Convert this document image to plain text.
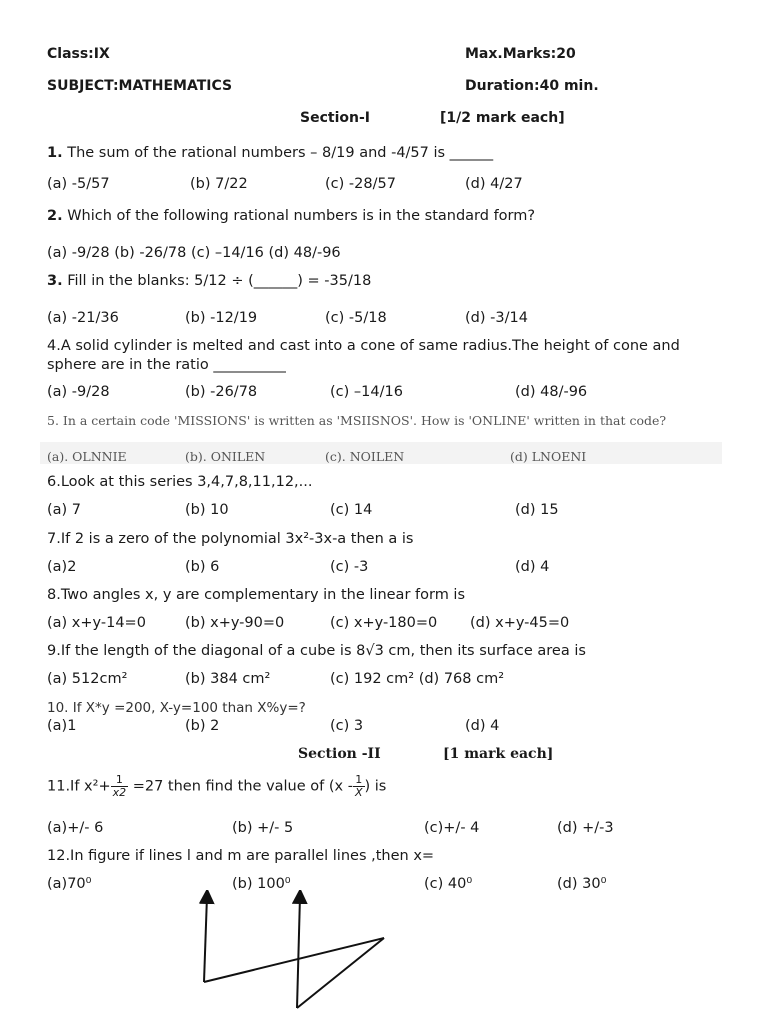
Class:IX	Max.Marks:20
SUBJECT:MATHEMATICS	Duration:40 min.
Section-I	[1/2 mark each]
1. The sum of the rational numbers – 8/19 and -4/57 is ______
(a) -5/57	(b) 7/22	(c) -28/57	(d) 4/27
2. Which of the following rational numbers is in the standard form?
(a) -9/28 (b) -26/78 (c) –14/16 (d) 48/-96
3. Fill in the blanks: 5/12 ÷ (______) = -35/18
(a) -21/36	(b) -12/19	(c) -5/18	(d) -3/14
4.A solid cylinder is melted and cast into a cone of same radius.The height of cone and
sphere are in the ratio __________
(a) -9/28	(b) -26/78	(c) –14/16	(d) 48/-96
5. In a certain code 'MISSIONS' is written as 'MSIISNOS'. How is 'ONLINE' written in that code?
(a). OLNNIE	(b). ONILEN	(c). NOILEN	(d) LNOENI
6.Look at this series 3,4,7,8,11,12,...
(a) 7	(b) 10	(c) 14	(d) 15
7.If 2 is a zero of the polynomial 3x²-3x-a then a is
(a)2	(b) 6	(c) -3	(d) 4
8.Two angles x, y are complementary in the linear form is
(a) x+y-14=0	(b) x+y-90=0	(c) x+y-180=0 (d) x+y-45=0
9.If the length of the diagonal of a cube is 8√3 cm, then its surface area is
(a) 512cm²	(b) 384 cm²	(c) 192 cm² (d) 768 cm²
10. If X*y =200, X-y=100 than X%y=?
(a)1	(b) 2	(c) 3	(d) 4
Section -II	[1 mark each]
11.If $x^2+ \frac{1}{x2} =27$ then find the value of ($x - \frac{1}{X}$ ) is
(a)+/- 6	(b) +/- 5	(c)+/- 4	(d) +/-3
12.In figure if lines l and m are parallel lines ,then x=
(a)70⁰	(b) 100⁰	(c) 40⁰	(d) 30⁰
